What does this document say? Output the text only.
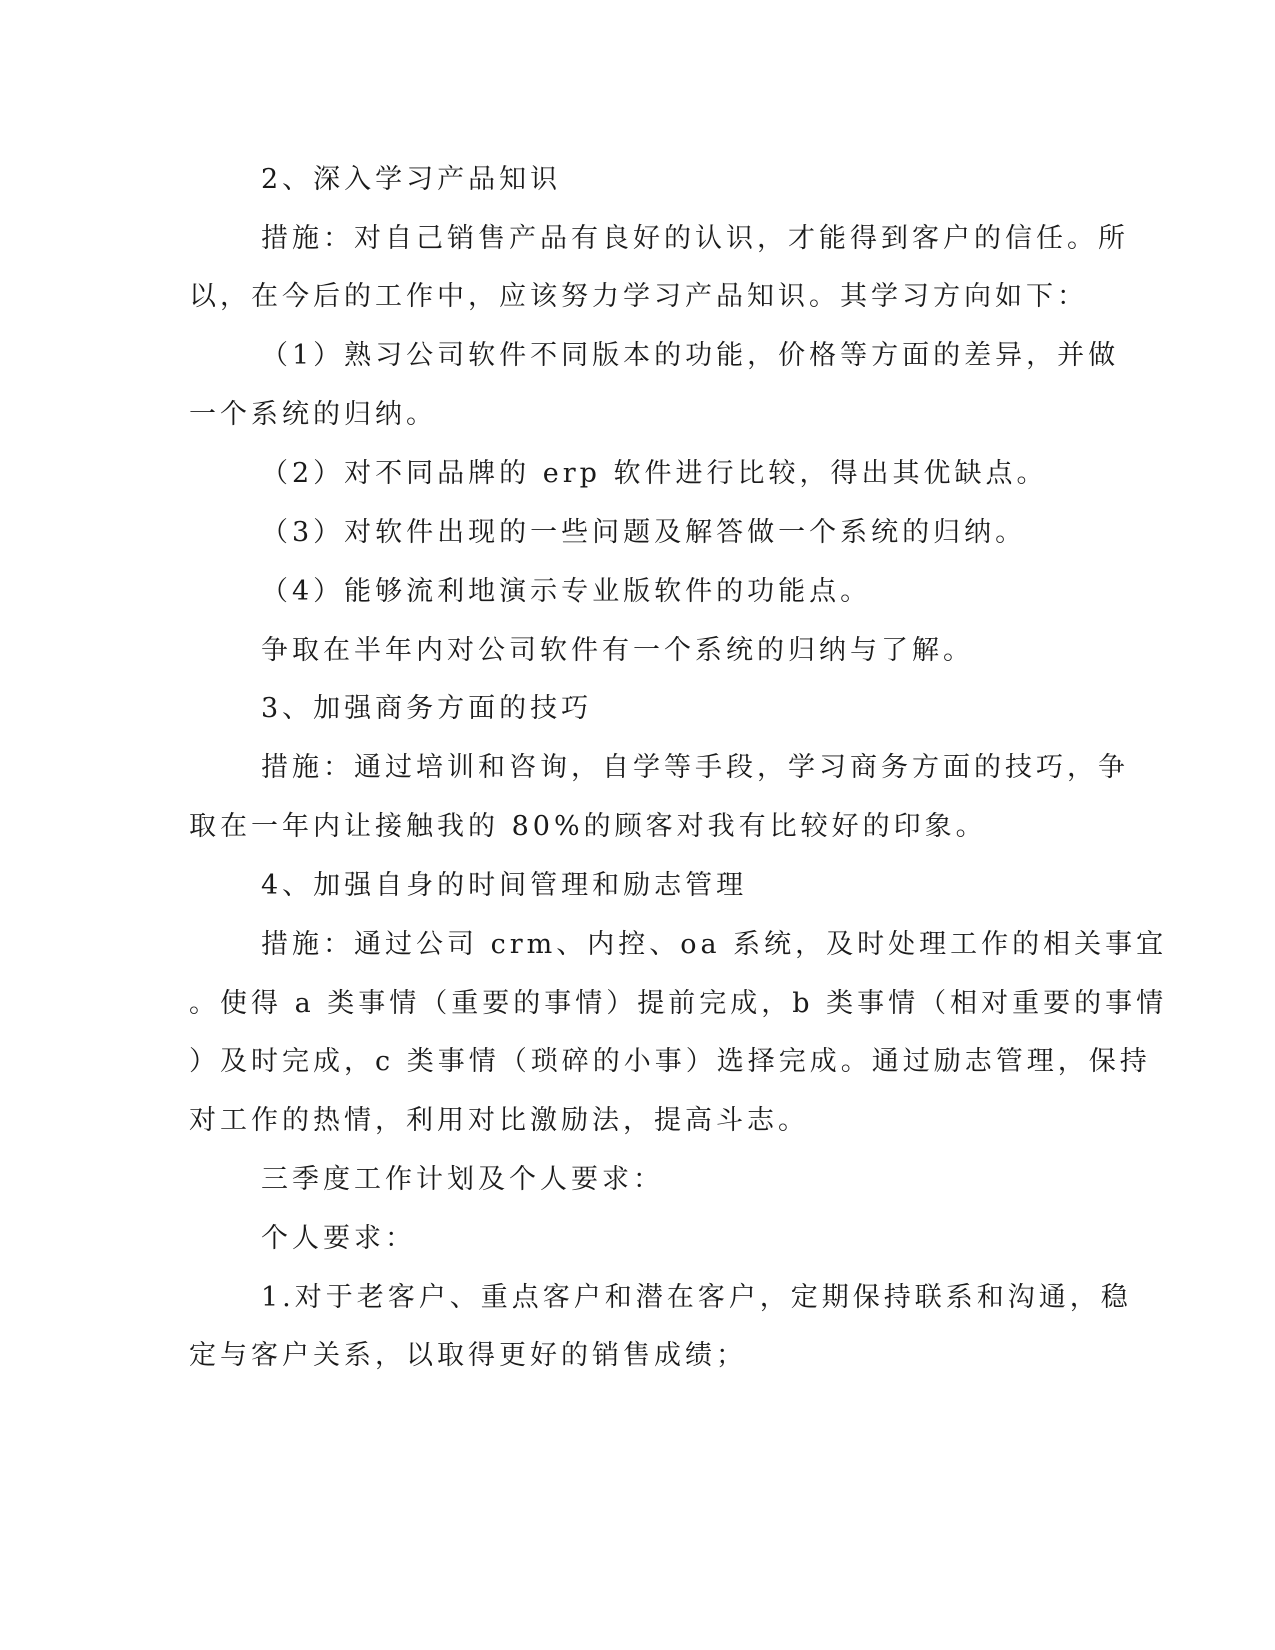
2、深入学习产品知识
措施：对自己销售产品有良好的认识，才能得到客户的信任。所
以，在今后的工作中，应该努力学习产品知识。其学习方向如下：
（1）熟习公司软件不同版本的功能，价格等方面的差异，并做
一个系统的归纳。
（2）对不同品牌的 erp 软件进行比较，得出其优缺点。
（3）对软件出现的一些问题及解答做一个系统的归纳。
（4）能够流利地演示专业版软件的功能点。
争取在半年内对公司软件有一个系统的归纳与了解。
3、加强商务方面的技巧
措施：通过培训和咨询，自学等手段，学习商务方面的技巧，争
取在一年内让接触我的 80%的顾客对我有比较好的印象。
4、加强自身的时间管理和励志管理
措施：通过公司 crm、内控、oa 系统，及时处理工作的相关事宜
。使得 a 类事情（重要的事情）提前完成，b 类事情（相对重要的事情
）及时完成，c 类事情（琐碎的小事）选择完成。通过励志管理，保持
对工作的热情，利用对比激励法，提高斗志。
三季度工作计划及个人要求：
个人要求：
1.对于老客户、重点客户和潜在客户，定期保持联系和沟通，稳
定与客户关系，以取得更好的销售成绩；
